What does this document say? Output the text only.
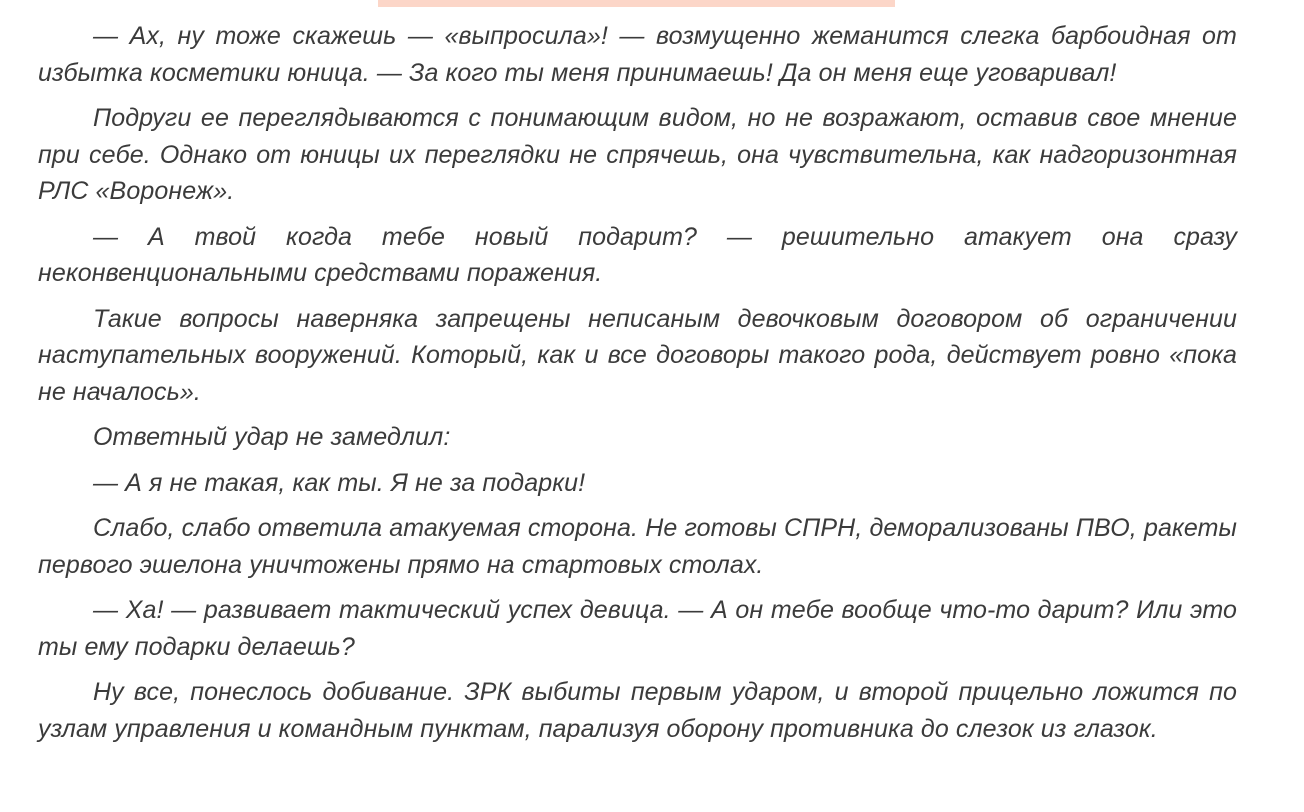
— Ах, ну тоже скажешь — «выпросила»! — возмущенно жеманится слегка барбоидная от избытка косметики юница. — За кого ты меня принимаешь! Да он меня еще уговаривал!

Подруги ее переглядываются с понимающим видом, но не возражают, оставив свое мнение при себе. Однако от юницы их переглядки не спрячешь, она чувствительна, как надгоризонтная РЛС «Воронеж».

— А твой когда тебе новый подарит? — решительно атакует она сразу неконвенциональными средствами поражения.

Такие вопросы наверняка запрещены неписаным девочковым договором об ограничении наступательных вооружений. Который, как и все договоры такого рода, действует ровно «пока не началось».

Ответный удар не замедлил:

— А я не такая, как ты. Я не за подарки!

Слабо, слабо ответила атакуемая сторона. Не готовы СПРН, деморализованы ПВО, ракеты первого эшелона уничтожены прямо на стартовых столах.

— Ха! — развивает тактический успех девица. — А он тебе вообще что-то дарит? Или это ты ему подарки делаешь?

Ну все, понеслось добивание. ЗРК выбиты первым ударом, и второй прицельно ложится по узлам управления и командным пунктам, парализуя оборону противника до слезок из глазок.
